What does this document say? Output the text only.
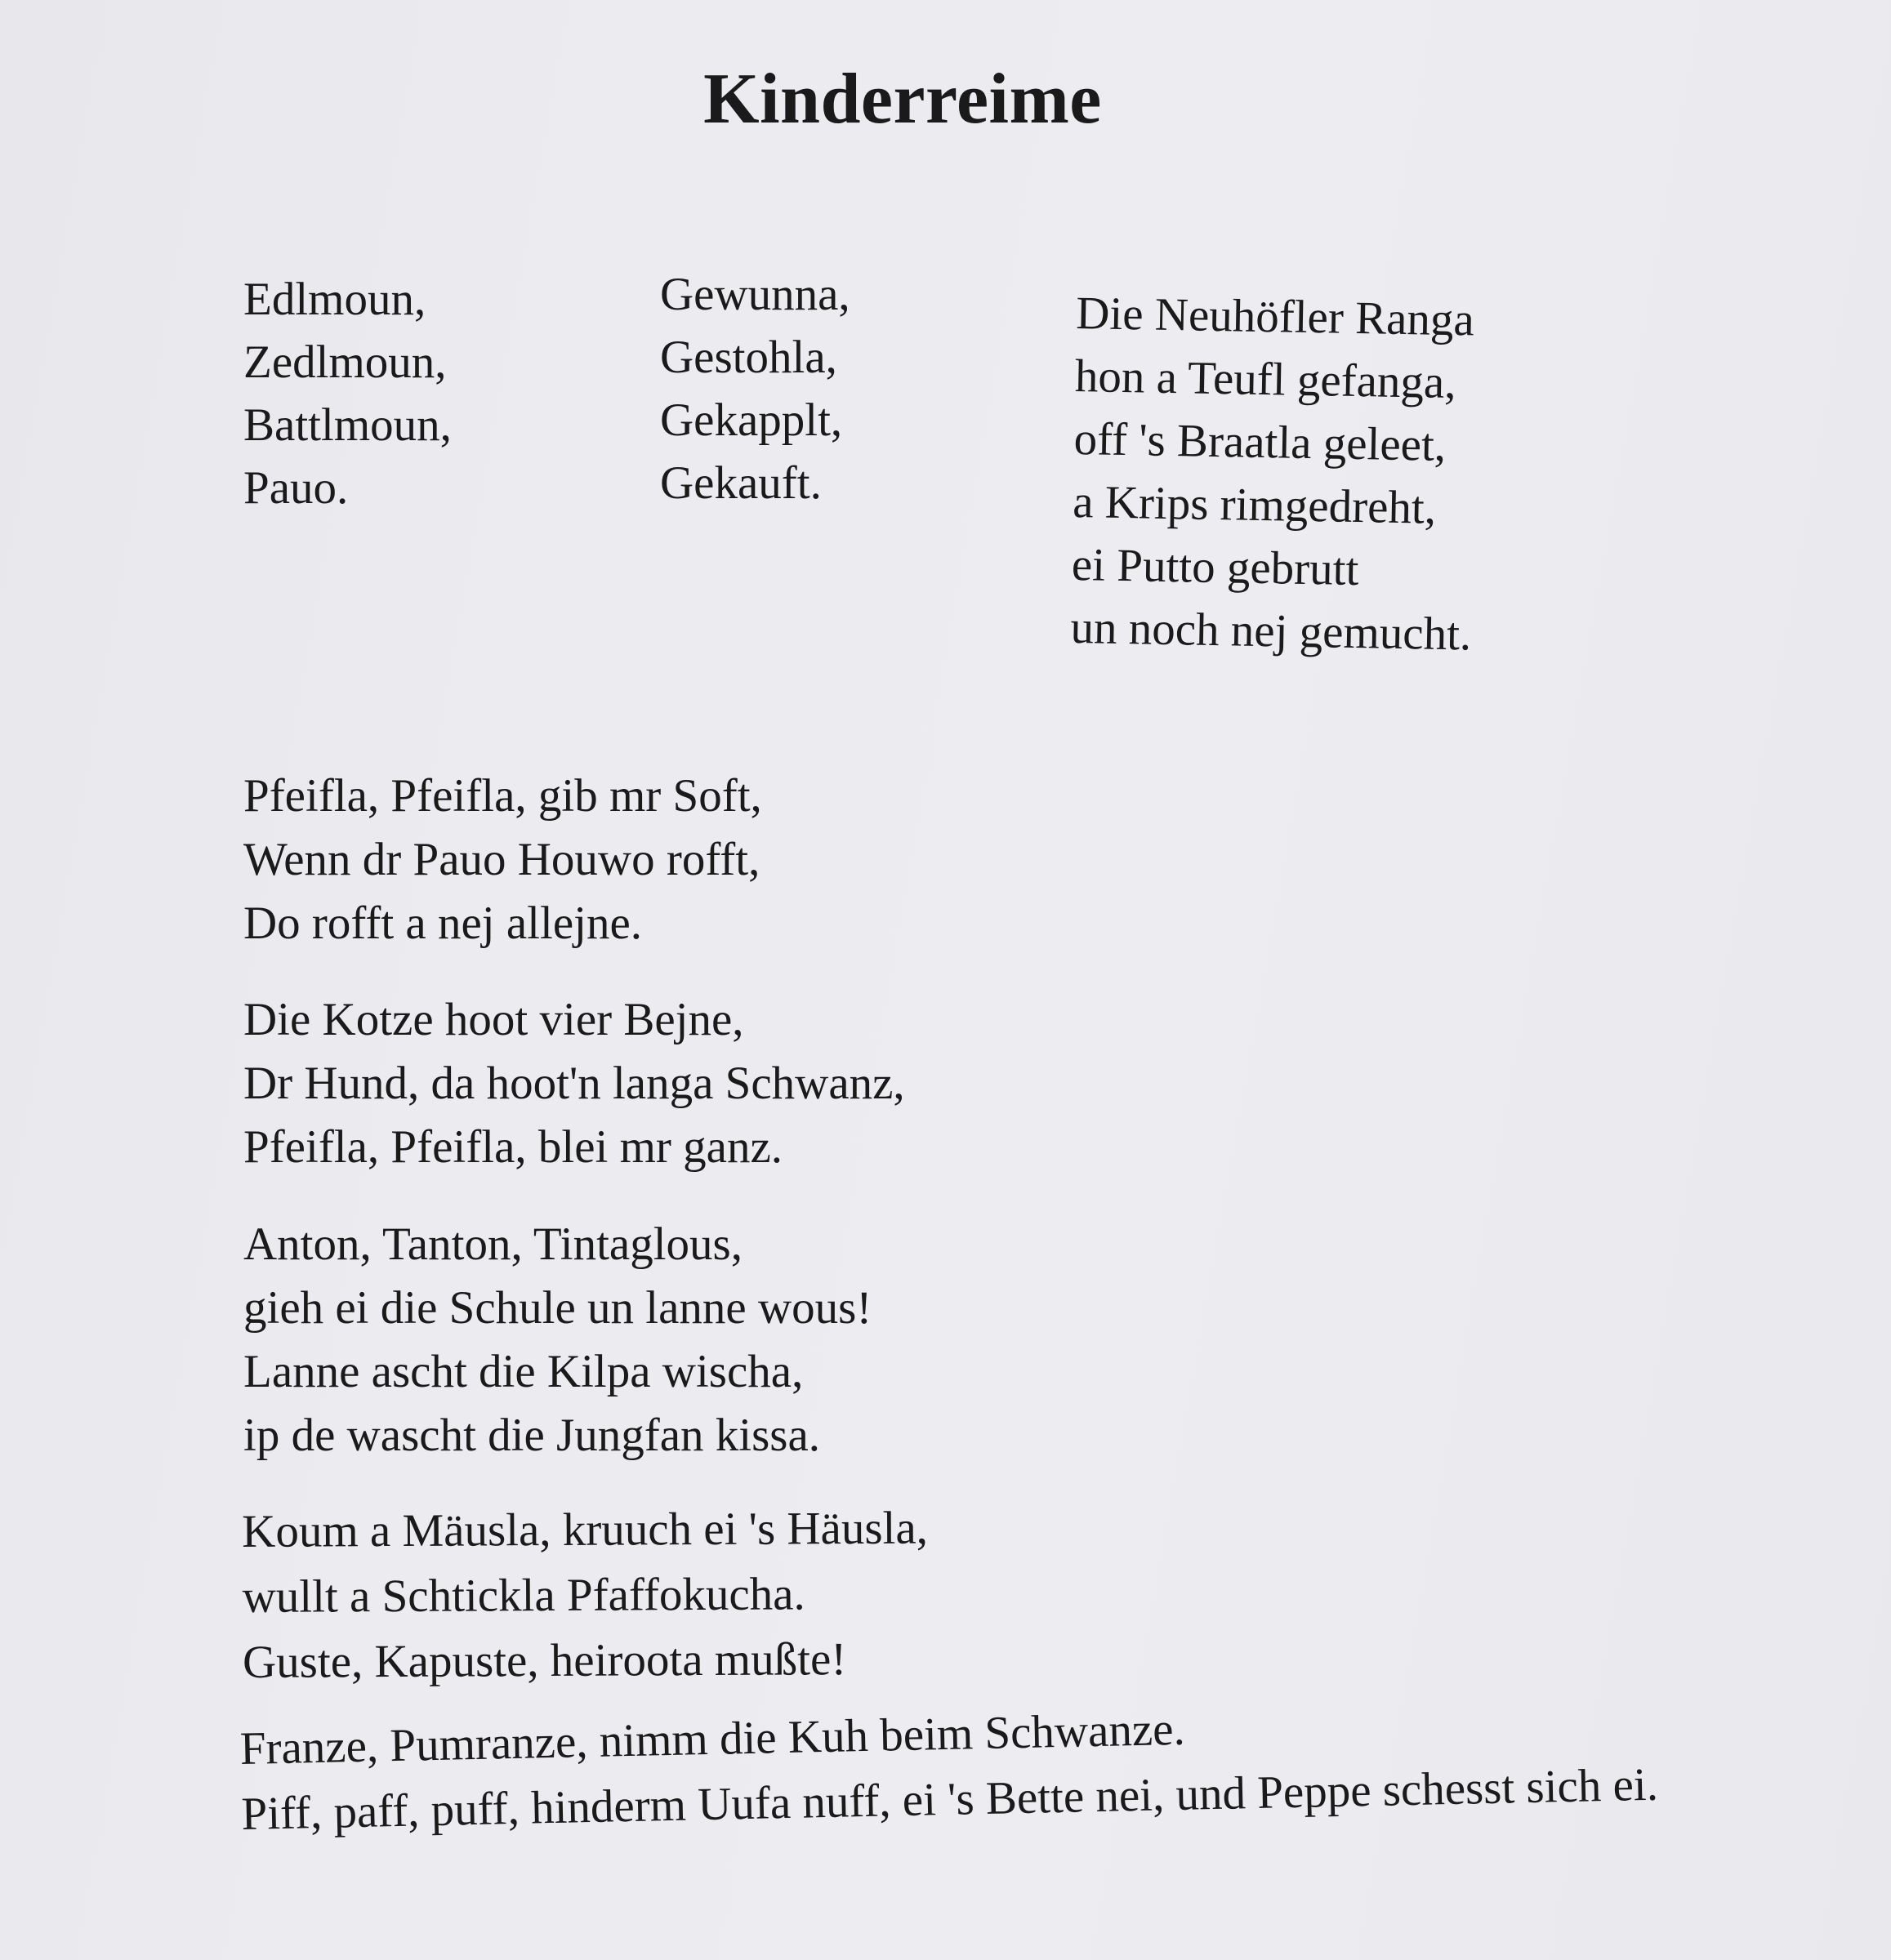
Kinderreime
Edlmoun,
Zedlmoun,
Battlmoun,
Pauo.
Gewunna,
Gestohla,
Gekapplt,
Gekauft.
Die Neuhöfler Ranga
hon a Teufl gefanga,
off 's Braatla geleet,
a Krips rimgedreht,
ei Putto gebrutt
un noch nej gemucht.
Pfeifla, Pfeifla, gib mr Soft,
Wenn dr Pauo Houwo rofft,
Do rofft a nej allejne.
Die Kotze hoot vier Bejne,
Dr Hund, da hoot'n langa Schwanz,
Pfeifla, Pfeifla, blei mr ganz.
Anton, Tanton, Tintaglous,
gieh ei die Schule un lanne wous!
Lanne ascht die Kilpa wischa,
ip de wascht die Jungfan kissa.
Koum a Mäusla, kruuch ei 's Häusla,
wullt a Schtickla Pfaffokucha.
Guste, Kapuste, heiroota mußte!
Franze, Pumranze, nimm die Kuh beim Schwanze.
Piff, paff, puff, hinderm Uufa nuff, ei 's Bette nei, und Peppe schesst sich ei.
